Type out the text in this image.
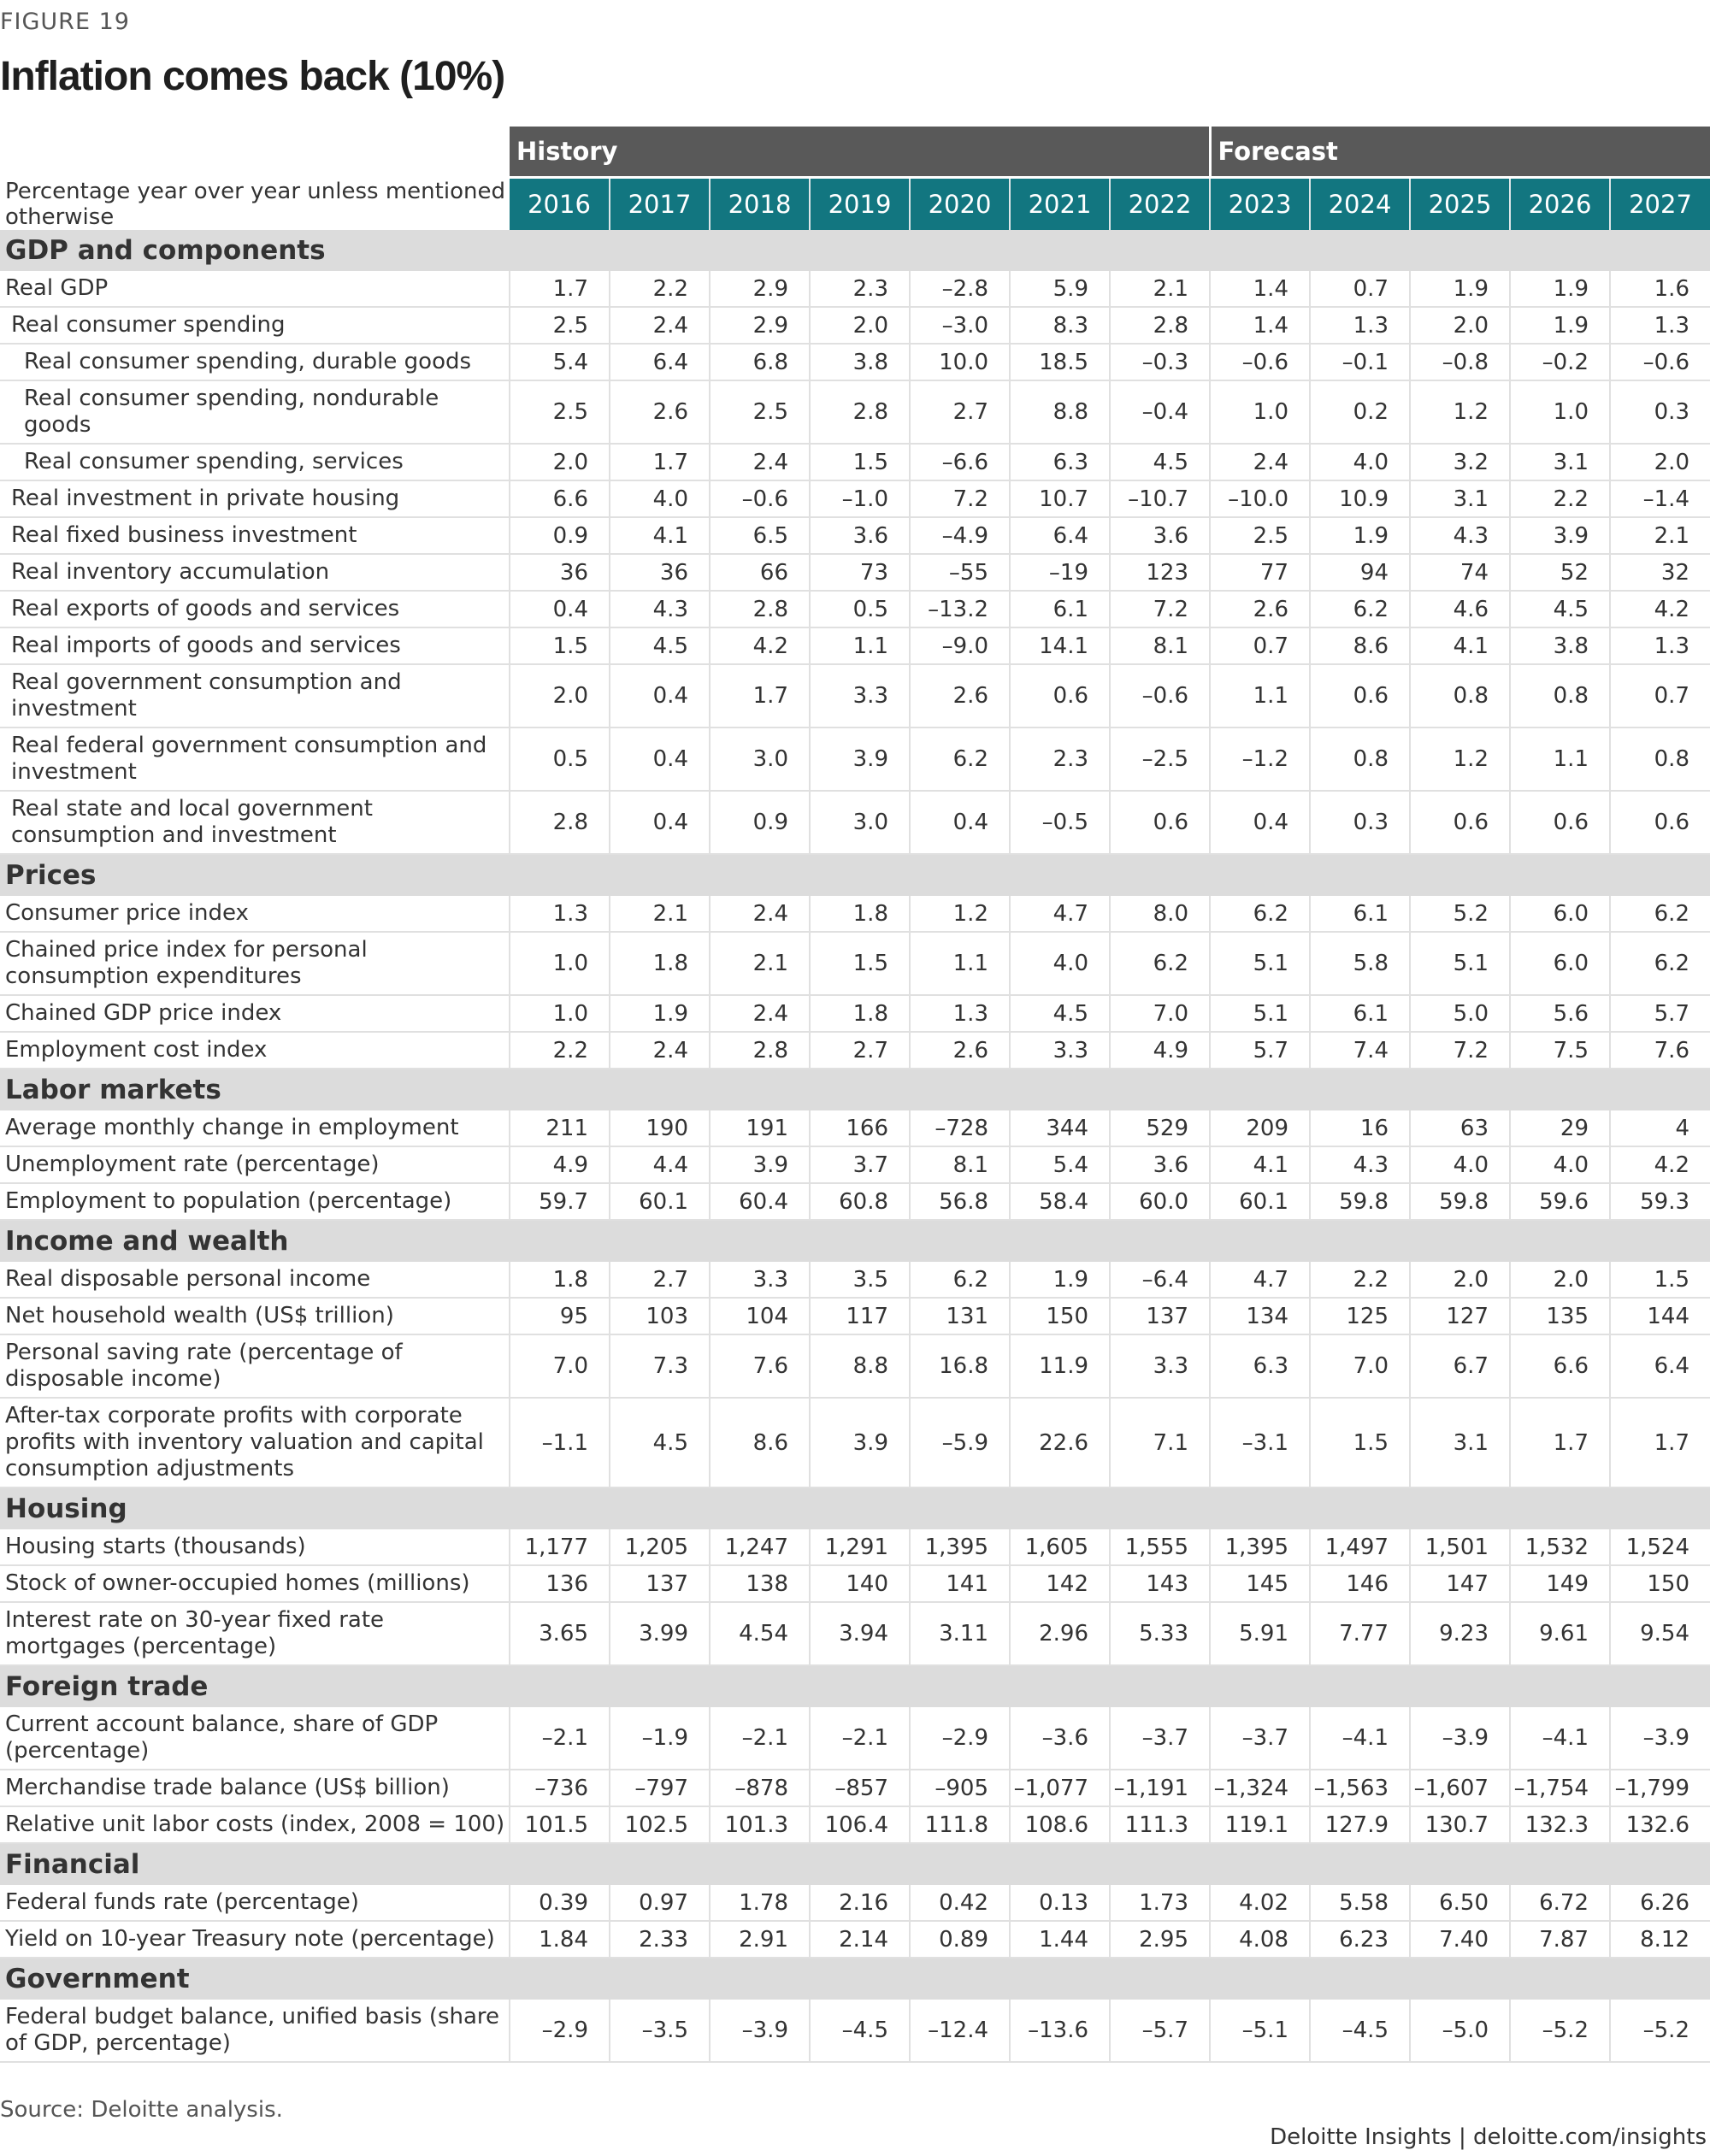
FIGURE 19
Inflation comes back (10%)
	History							Forecast				
Percentage year over year unless mentioned otherwise	2016	2017	2018	2019	2020	2021	2022	2023	2024	2025	2026	2027
GDP and components												
Real GDP	1.7	2.2	2.9	2.3	–2.8	5.9	2.1	1.4	0.7	1.9	1.9	1.6
Real consumer spending	2.5	2.4	2.9	2.0	–3.0	8.3	2.8	1.4	1.3	2.0	1.9	1.3
Real consumer spending, durable goods	5.4	6.4	6.8	3.8	10.0	18.5	–0.3	–0.6	–0.1	–0.8	–0.2	–0.6
Real consumer spending, nondurable goods	2.5	2.6	2.5	2.8	2.7	8.8	–0.4	1.0	0.2	1.2	1.0	0.3
Real consumer spending, services	2.0	1.7	2.4	1.5	–6.6	6.3	4.5	2.4	4.0	3.2	3.1	2.0
Real investment in private housing	6.6	4.0	–0.6	–1.0	7.2	10.7	–10.7	–10.0	10.9	3.1	2.2	–1.4
Real fixed business investment	0.9	4.1	6.5	3.6	–4.9	6.4	3.6	2.5	1.9	4.3	3.9	2.1
Real inventory accumulation	36	36	66	73	–55	–19	123	77	94	74	52	32
Real exports of goods and services	0.4	4.3	2.8	0.5	–13.2	6.1	7.2	2.6	6.2	4.6	4.5	4.2
Real imports of goods and services	1.5	4.5	4.2	1.1	–9.0	14.1	8.1	0.7	8.6	4.1	3.8	1.3
Real government consumption and investment	2.0	0.4	1.7	3.3	2.6	0.6	–0.6	1.1	0.6	0.8	0.8	0.7
Real federal government consumption and investment	0.5	0.4	3.0	3.9	6.2	2.3	–2.5	–1.2	0.8	1.2	1.1	0.8
Real state and local government consumption and investment	2.8	0.4	0.9	3.0	0.4	–0.5	0.6	0.4	0.3	0.6	0.6	0.6
Prices												
Consumer price index	1.3	2.1	2.4	1.8	1.2	4.7	8.0	6.2	6.1	5.2	6.0	6.2
Chained price index for personal consumption expenditures	1.0	1.8	2.1	1.5	1.1	4.0	6.2	5.1	5.8	5.1	6.0	6.2
Chained GDP price index	1.0	1.9	2.4	1.8	1.3	4.5	7.0	5.1	6.1	5.0	5.6	5.7
Employment cost index	2.2	2.4	2.8	2.7	2.6	3.3	4.9	5.7	7.4	7.2	7.5	7.6
Labor markets												
Average monthly change in employment	211	190	191	166	–728	344	529	209	16	63	29	4
Unemployment rate (percentage)	4.9	4.4	3.9	3.7	8.1	5.4	3.6	4.1	4.3	4.0	4.0	4.2
Employment to population (percentage)	59.7	60.1	60.4	60.8	56.8	58.4	60.0	60.1	59.8	59.8	59.6	59.3
Income and wealth												
Real disposable personal income	1.8	2.7	3.3	3.5	6.2	1.9	–6.4	4.7	2.2	2.0	2.0	1.5
Net household wealth (US$ trillion)	95	103	104	117	131	150	137	134	125	127	135	144
Personal saving rate (percentage of disposable income)	7.0	7.3	7.6	8.8	16.8	11.9	3.3	6.3	7.0	6.7	6.6	6.4
After-tax corporate profits with corporate profits with inventory valuation and capital consumption adjustments	–1.1	4.5	8.6	3.9	–5.9	22.6	7.1	–3.1	1.5	3.1	1.7	1.7
Housing												
Housing starts (thousands)	1,177	1,205	1,247	1,291	1,395	1,605	1,555	1,395	1,497	1,501	1,532	1,524
Stock of owner-occupied homes (millions)	136	137	138	140	141	142	143	145	146	147	149	150
Interest rate on 30-year fixed rate mortgages (percentage)	3.65	3.99	4.54	3.94	3.11	2.96	5.33	5.91	7.77	9.23	9.61	9.54
Foreign trade												
Current account balance, share of GDP (percentage)	–2.1	–1.9	–2.1	–2.1	–2.9	–3.6	–3.7	–3.7	–4.1	–3.9	–4.1	–3.9
Merchandise trade balance (US$ billion)	–736	–797	–878	–857	–905	–1,077	–1,191	–1,324	–1,563	–1,607	–1,754	–1,799
Relative unit labor costs (index, 2008 = 100)	101.5	102.5	101.3	106.4	111.8	108.6	111.3	119.1	127.9	130.7	132.3	132.6
Financial												
Federal funds rate (percentage)	0.39	0.97	1.78	2.16	0.42	0.13	1.73	4.02	5.58	6.50	6.72	6.26
Yield on 10-year Treasury note (percentage)	1.84	2.33	2.91	2.14	0.89	1.44	2.95	4.08	6.23	7.40	7.87	8.12
Government												
Federal budget balance, unified basis (share of GDP, percentage)	–2.9	–3.5	–3.9	–4.5	–12.4	–13.6	–5.7	–5.1	–4.5	–5.0	–5.2	–5.2
Source: Deloitte analysis.
Deloitte Insights | deloitte.com/insights
